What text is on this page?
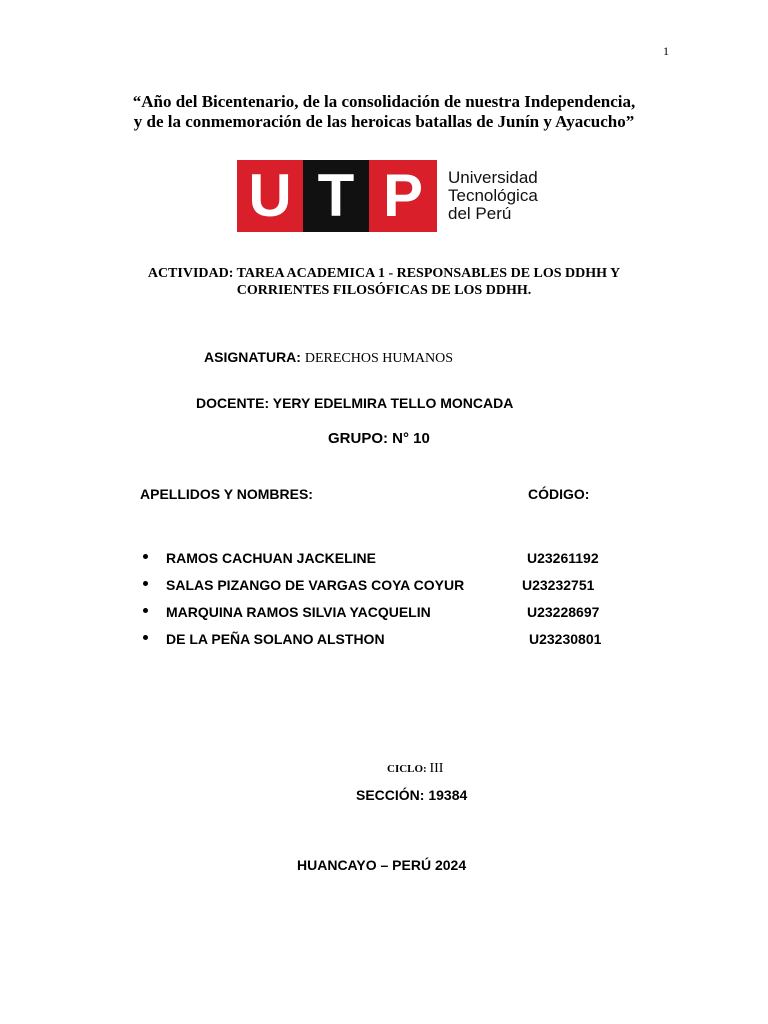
1
“Año del Bicentenario, de la consolidación de nuestra Independencia,
y de la conmemoración de las heroicas batallas de Junín y Ayacucho”
U T P	Universidad
Tecnológica
del Perú
ACTIVIDAD: TAREA ACADEMICA 1 - RESPONSABLES DE LOS DDHH Y
CORRIENTES FILOSÓFICAS DE LOS DDHH.
ASIGNATURA: DERECHOS HUMANOS
DOCENTE: YERY EDELMIRA TELLO MONCADA
GRUPO: N° 10
APELLIDOS Y NOMBRES:	CÓDIGO:
RAMOS CACHUAN JACKELINE	U23261192
SALAS PIZANGO DE VARGAS COYA COYUR	U23232751
MARQUINA RAMOS SILVIA YACQUELIN	U23228697
DE LA PEÑA SOLANO ALSTHON	U23230801
CICLO: III
SECCIÓN: 19384
HUANCAYO – PERÚ 2024
